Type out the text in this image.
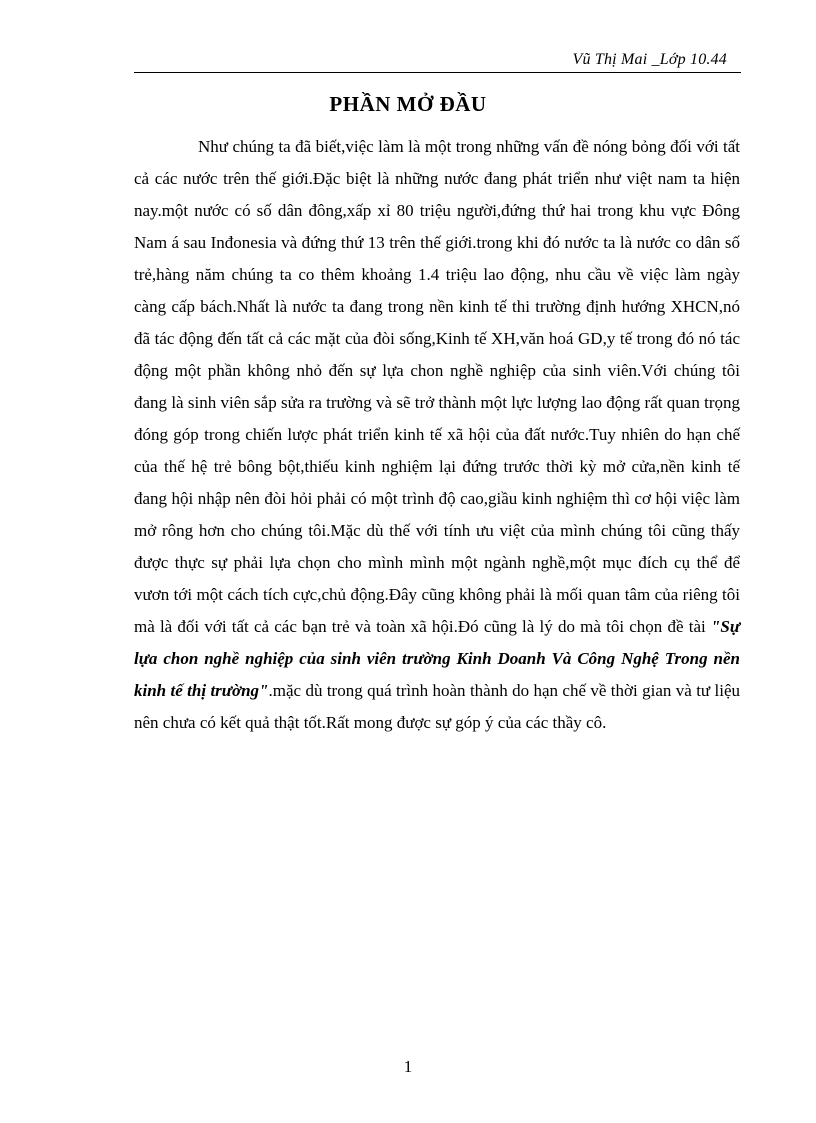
Vũ Thị Mai _Lớp 10.44
PHẦN MỞ ĐẦU

Như chúng ta đã biết,việc làm là một trong những vấn đề nóng bỏng đối với tất cả các nước trên thế giới.Đặc biệt là những nước đang phát triển như việt nam ta hiện nay.một nước có số dân đông,xấp xỉ 80 triệu người,đứng thứ hai trong khu vực Đông Nam á sau Inđonesia và đứng thứ 13 trên thế giới.trong khi đó nước ta là nước co dân số trẻ,hàng năm chúng ta co thêm khoảng 1.4 triệu lao động, nhu cầu về việc làm ngày càng cấp bách.Nhất là nước ta đang trong nền kinh tế thi trường định hướng XHCN,nó đã tác động đến tất cả các mặt của đòi sống,Kinh tế XH,văn hoá GD,y tế trong đó nó tác động một phần không nhỏ đến sự lựa chon nghề nghiệp của sinh viên.Với chúng tôi đang là sinh viên sắp sửa ra trường và sẽ trở thành một lực lượng lao động rất quan trọng đóng góp trong chiến lược phát triển kinh tế xã hội của đất nước.Tuy nhiên do hạn chế của thế hệ trẻ bông bột,thiếu kinh nghiệm lại đứng trước thời kỳ mở cửa,nền kinh tế đang hội nhập nên đòi hỏi phải có một trình độ cao,giầu kinh nghiệm thì cơ hội việc làm mở rông hơn cho chúng tôi.Mặc dù thế với tính ưu việt của mình chúng tôi cũng thấy được thực sự phải lựa chọn cho mình mình một ngành nghề,một mục đích cụ thể để vươn tới một cách tích cực,chủ động.Đây cũng không phải là mối quan tâm của riêng tôi mà là đối với tất cả các bạn trẻ và toàn xã hội.Đó cũng là lý do mà tôi chọn đề tài "Sự lựa chon nghề nghiệp của sinh viên trường Kinh Doanh Và Công Nghệ Trong nền kinh tế thị trường".mặc dù trong quá trình hoàn thành do hạn chế về thời gian và tư liệu nên chưa có kết quả thật tốt.Rất mong được sự góp ý của các thầy cô.

1
